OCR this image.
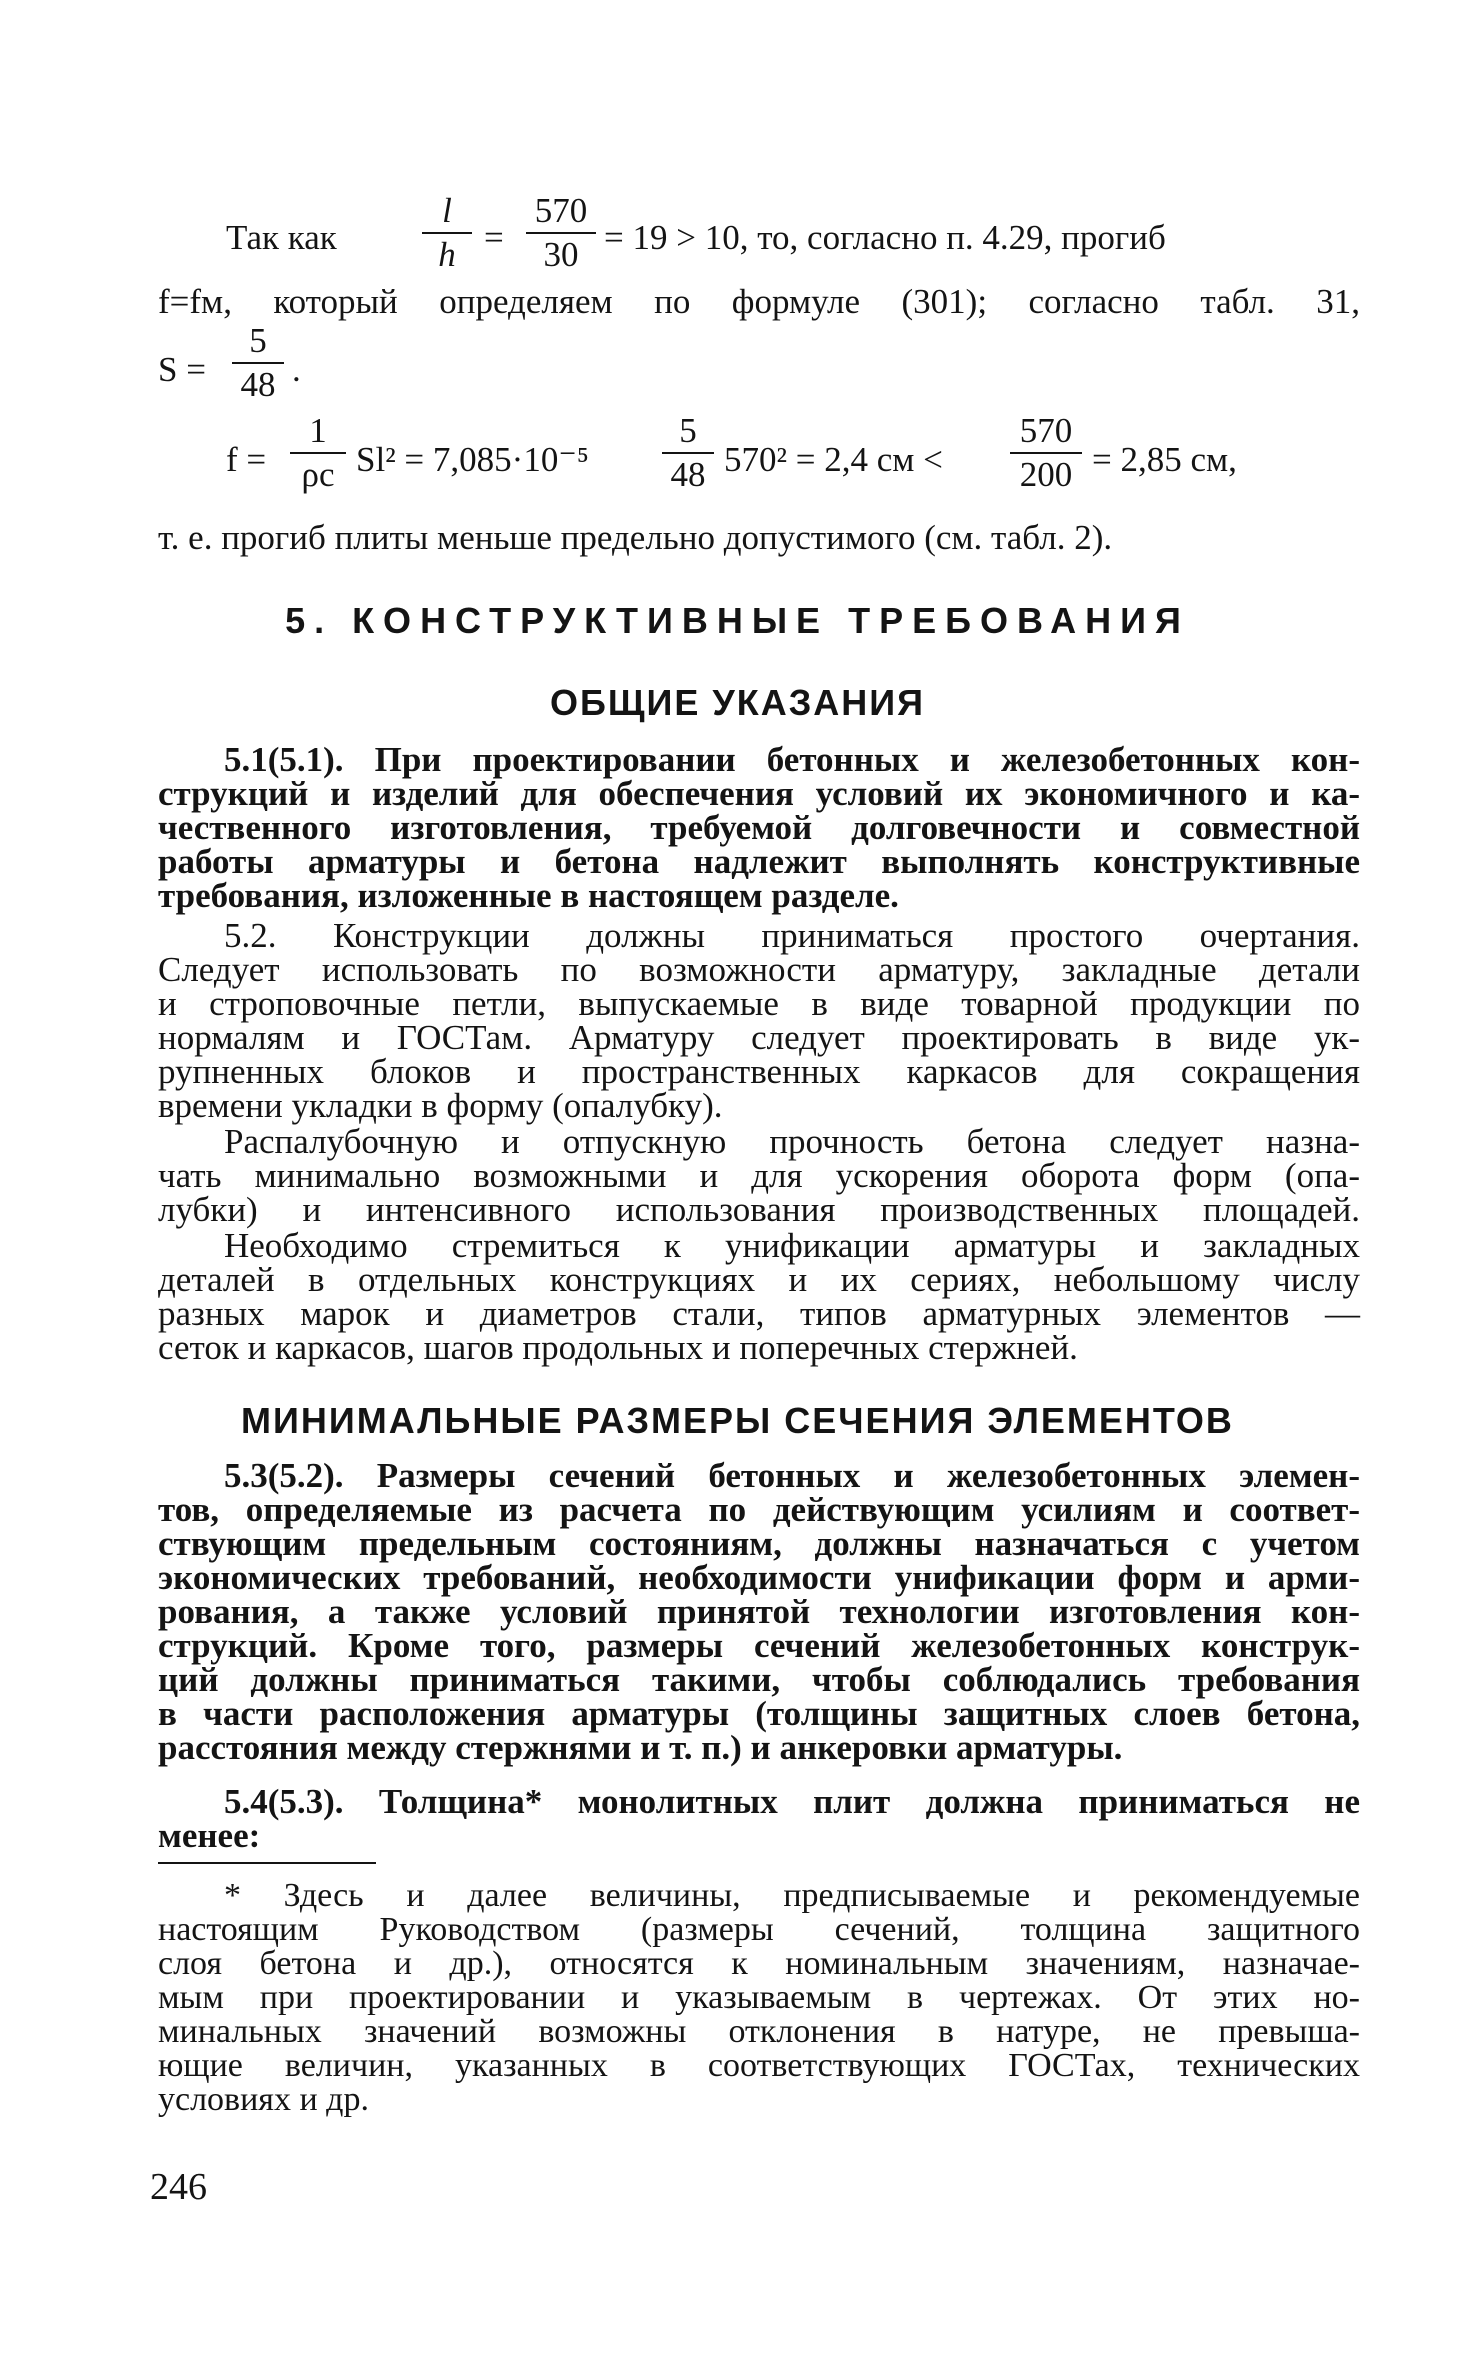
Так как
l
h =
570
30 = 19 > 10, то, согласно п. 4.29, прогиб
f=fм, который определяем по формуле (301); согласно табл. 31,
S =
5
48 .
f =
1
ρc Sl² = 7,085·10⁻⁵
5
48 570² = 2,4 см <
570
200 = 2,85 см,
т. е. прогиб плиты меньше предельно допустимого (см. табл. 2).
5. КОНСТРУКТИВНЫЕ ТРЕБОВАНИЯ
ОБЩИЕ УКАЗАНИЯ
5.1(5.1). При проектировании бетонных и железобетонных кон-
струкций и изделий для обеспечения условий их экономичного и ка-
чественного изготовления, требуемой долговечности и совместной
работы арматуры и бетона надлежит выполнять конструктивные
требования, изложенные в настоящем разделе.
5.2. Конструкции должны приниматься простого очертания.
Следует использовать по возможности арматуру, закладные детали
и строповочные петли, выпускаемые в виде товарной продукции по
нормалям и ГОСТам. Арматуру следует проектировать в виде ук-
рупненных блоков и пространственных каркасов для сокращения
времени укладки в форму (опалубку).
Распалубочную и отпускную прочность бетона следует назна-
чать минимально возможными и для ускорения оборота форм (опа-
лубки) и интенсивного использования производственных площадей.
Необходимо стремиться к унификации арматуры и закладных
деталей в отдельных конструкциях и их сериях, небольшому числу
разных марок и диаметров стали, типов арматурных элементов —
сеток и каркасов, шагов продольных и поперечных стержней.
МИНИМАЛЬНЫЕ РАЗМЕРЫ СЕЧЕНИЯ ЭЛЕМЕНТОВ
5.3(5.2). Размеры сечений бетонных и железобетонных элемен-
тов, определяемые из расчета по действующим усилиям и соответ-
ствующим предельным состояниям, должны назначаться с учетом
экономических требований, необходимости унификации форм и арми-
рования, а также условий принятой технологии изготовления кон-
струкций. Кроме того, размеры сечений железобетонных конструк-
ций должны приниматься такими, чтобы соблюдались требования
в части расположения арматуры (толщины защитных слоев бетона,
расстояния между стержнями и т. п.) и анкеровки арматуры.
5.4(5.3). Толщина* монолитных плит должна приниматься не
менее:
* Здесь и далее величины, предписываемые и рекомендуемые
настоящим Руководством (размеры сечений, толщина защитного
слоя бетона и др.), относятся к номинальным значениям, назначае-
мым при проектировании и указываемым в чертежах. От этих но-
минальных значений возможны отклонения в натуре, не превыша-
ющие величин, указанных в соответствующих ГОСТах, технических
условиях и др.
246
